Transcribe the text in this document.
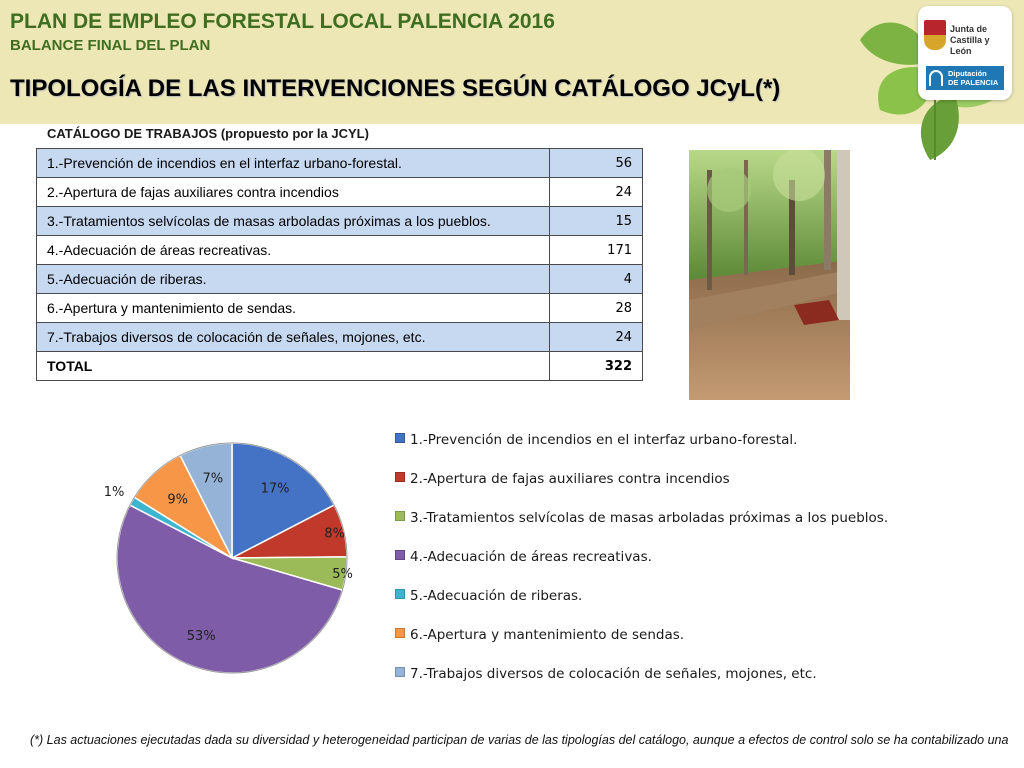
PLAN DE EMPLEO FORESTAL LOCAL PALENCIA 2016
BALANCE FINAL DEL PLAN
TIPOLOGÍA DE LAS INTERVENCIONES SEGÚN CATÁLOGO JCyL(*)
Junta de
Castilla y León
Diputación
DE PALENCIA

CATÁLOGO DE TRABAJOS (propuesto por la JCYL)

1.-Prevención de incendios en el interfaz urbano-forestal.	56
2.-Apertura de fajas auxiliares contra incendios	24
3.-Tratamientos selvícolas de masas arboladas próximas a los pueblos.	15
4.-Adecuación de áreas recreativas.	171
5.-Adecuación de riberas.	4
6.-Apertura y mantenimiento de sendas.	28
7.-Trabajos diversos de colocación de señales, mojones, etc.	24
TOTAL	322
17%
8%
5%
53%
1%
9%
7%
1.-Prevención de incendios en el interfaz urbano-forestal.
2.-Apertura de fajas auxiliares contra incendios
3.-Tratamientos selvícolas de masas arboladas próximas a los pueblos.
4.-Adecuación de áreas recreativas.
5.-Adecuación de riberas.
6.-Apertura y mantenimiento de sendas.
7.-Trabajos diversos de colocación de señales, mojones, etc.

(*) Las actuaciones ejecutadas dada su diversidad y heterogeneidad participan de varias de las tipologías del catálogo, aunque a efectos de control solo se ha contabilizado una
